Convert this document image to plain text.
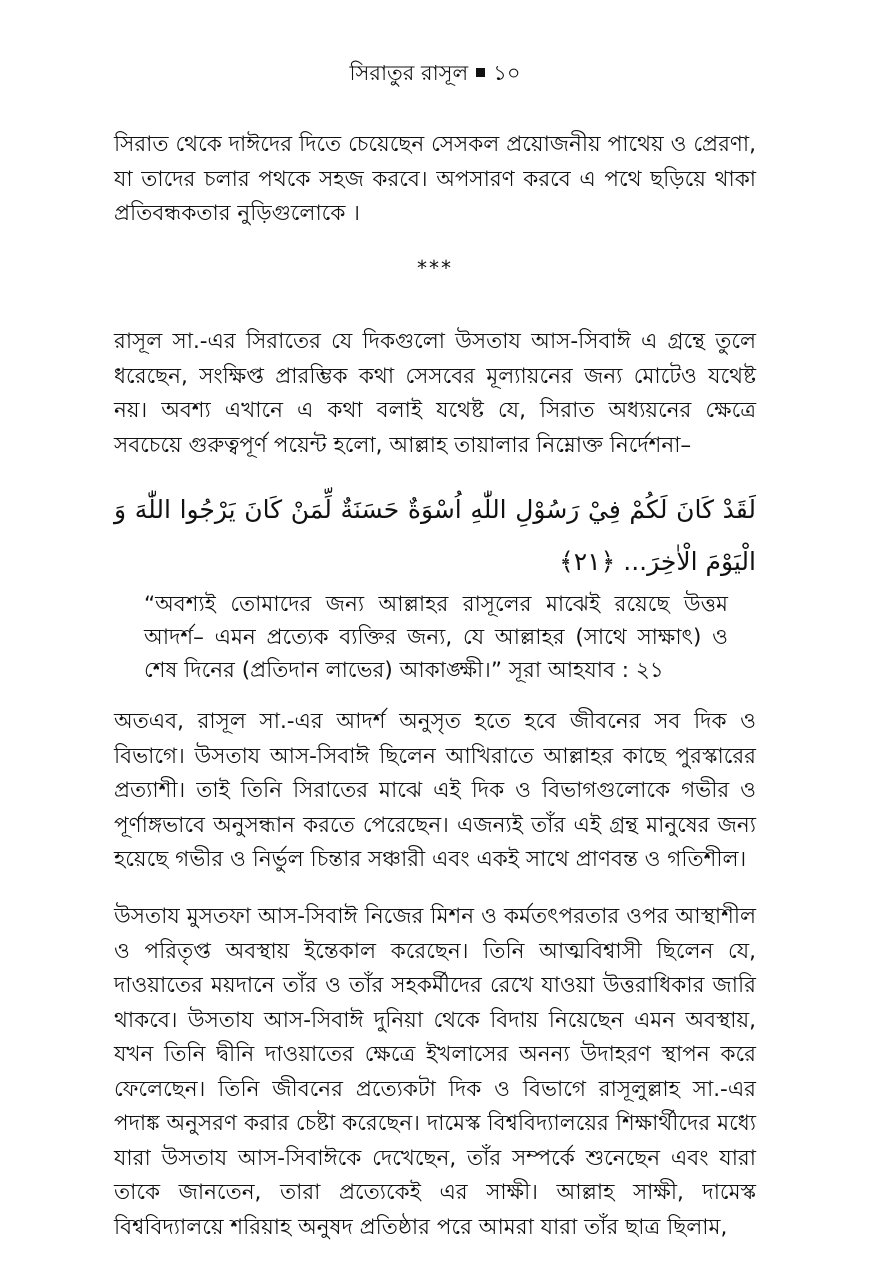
সিরাতুর রাসূল ১০

সিরাত থেকে দাঈদের দিতে চেয়েছেন সেসকল প্রয়োজনীয় পাথেয় ও প্রেরণা, যা তাদের চলার পথকে সহজ করবে। অপসারণ করবে এ পথে ছড়িয়ে থাকা প্রতিবন্ধকতার নুড়িগুলোকে ।

***

রাসূল সা.-এর সিরাতের যে দিকগুলো উসতায আস-সিবাঈ এ গ্রন্থে তুলে ধরেছেন, সংক্ষিপ্ত প্রারম্ভিক কথা সেসবের মূল্যায়নের জন্য মোটেও যথেষ্ট নয়। অবশ্য এখানে এ কথা বলাই যথেষ্ট যে, সিরাত অধ্যয়নের ক্ষেত্রে সবচেয়ে গুরুত্বপূর্ণ পয়েন্ট হলো, আল্লাহ তায়ালার নিম্নোক্ত নির্দেশনা–

لَقَدْ كَانَ لَكُمْ فِيْ رَسُوْلِ اللّٰهِ اُسْوَةٌ حَسَنَةٌ لِّمَنْ كَانَ يَرْجُوا اللّٰهَ وَ الْيَوْمَ الْاٰخِرَ... ﴿٢١﴾

“অবশ্যই তোমাদের জন্য আল্লাহর রাসূলের মাঝেই রয়েছে উত্তম আদর্শ– এমন প্রত্যেক ব্যক্তির জন্য, যে আল্লাহর (সাথে সাক্ষাৎ) ও শেষ দিনের (প্রতিদান লাভের) আকাঙ্ক্ষী।” সূরা আহযাব : ২১

অতএব, রাসূল সা.-এর আদর্শ অনুসৃত হতে হবে জীবনের সব দিক ও বিভাগে। উসতায আস-সিবাঈ ছিলেন আখিরাতে আল্লাহর কাছে পুরস্কারের প্রত্যাশী। তাই তিনি সিরাতের মাঝে এই দিক ও বিভাগগুলোকে গভীর ও পূর্ণাঙ্গভাবে অনুসন্ধান করতে পেরেছেন। এজন্যই তাঁর এই গ্রন্থ মানুষের জন্য হয়েছে গভীর ও নির্ভুল চিন্তার সঞ্চারী এবং একই সাথে প্রাণবন্ত ও গতিশীল।

উসতায মুসতফা আস-সিবাঈ নিজের মিশন ও কর্মতৎপরতার ওপর আস্থাশীল ও পরিতৃপ্ত অবস্থায় ইন্তেকাল করেছেন। তিনি আত্মবিশ্বাসী ছিলেন যে, দাওয়াতের ময়দানে তাঁর ও তাঁর সহকর্মীদের রেখে যাওয়া উত্তরাধিকার জারি থাকবে। উসতায আস-সিবাঈ দুনিয়া থেকে বিদায় নিয়েছেন এমন অবস্থায়, যখন তিনি দ্বীনি দাওয়াতের ক্ষেত্রে ইখলাসের অনন্য উদাহরণ স্থাপন করে ফেলেছেন। তিনি জীবনের প্রত্যেকটা দিক ও বিভাগে রাসূলুল্লাহ সা.-এর পদাঙ্ক অনুসরণ করার চেষ্টা করেছেন। দামেস্ক বিশ্ববিদ্যালয়ের শিক্ষার্থীদের মধ্যে যারা উসতায আস-সিবাঈকে দেখেছেন, তাঁর সম্পর্কে শুনেছেন এবং যারা তাকে জানতেন, তারা প্রত্যেকেই এর সাক্ষী। আল্লাহ সাক্ষী, দামেস্ক বিশ্ববিদ্যালয়ে শরিয়াহ অনুষদ প্রতিষ্ঠার পরে আমরা যারা তাঁর ছাত্র ছিলাম,
